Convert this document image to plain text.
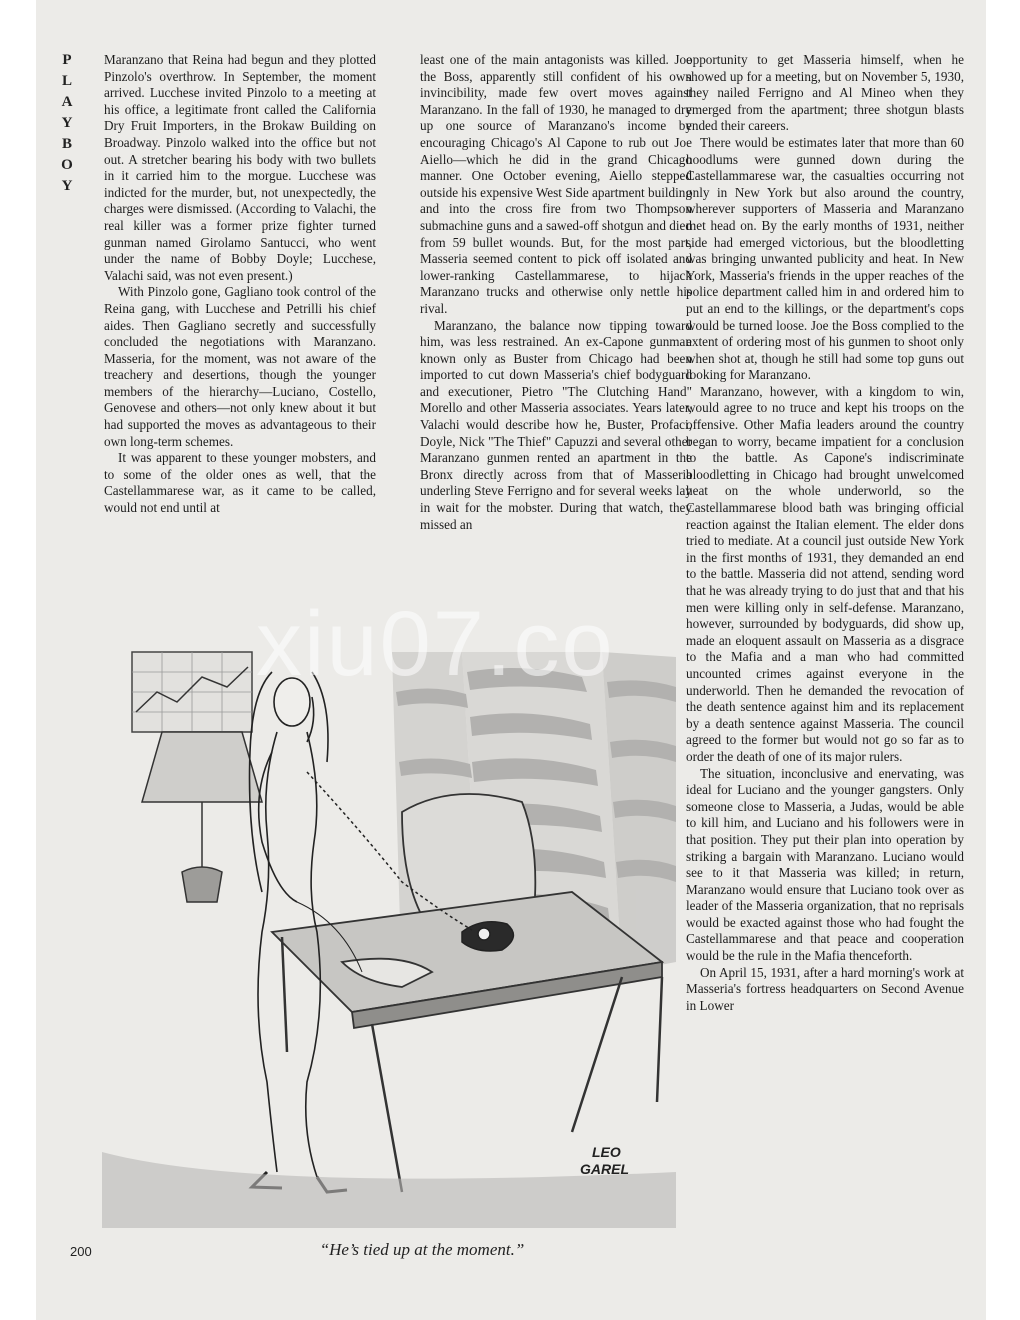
P
L
A
Y
B
O
Y

Maranzano that Reina had begun and they plotted Pinzolo's overthrow. In September, the moment arrived. Lucchese invited Pinzolo to a meeting at his office, a legitimate front called the California Dry Fruit Importers, in the Brokaw Building on Broadway. Pinzolo walked into the office but not out. A stretcher bearing his body with two bullets in it carried him to the morgue. Lucchese was indicted for the murder, but, not unexpectedly, the charges were dismissed. (According to Valachi, the real killer was a former prize fighter turned gunman named Girolamo Santucci, who went under the name of Bobby Doyle; Lucchese, Valachi said, was not even present.)

With Pinzolo gone, Gagliano took control of the Reina gang, with Lucchese and Petrilli his chief aides. Then Gagliano secretly and successfully concluded the negotiations with Maranzano. Masseria, for the moment, was not aware of the treachery and desertions, though the younger members of the hierarchy—Luciano, Costello, Genovese and others—not only knew about it but had supported the moves as advantageous to their own long-term schemes.

It was apparent to these younger mobsters, and to some of the older ones as well, that the Castellammarese war, as it came to be called, would not end until at

least one of the main antagonists was killed. Joe the Boss, apparently still confident of his own invincibility, made few overt moves against Maranzano. In the fall of 1930, he managed to dry up one source of Maranzano's income by encouraging Chicago's Al Capone to rub out Joe Aiello—which he did in the grand Chicago manner. One October evening, Aiello stepped outside his expensive West Side apartment building and into the cross fire from two Thompson submachine guns and a sawed-off shotgun and died from 59 bullet wounds. But, for the most part, Masseria seemed content to pick off isolated and lower-ranking Castellammarese, to hijack Maranzano trucks and otherwise only nettle his rival.

Maranzano, the balance now tipping toward him, was less restrained. An ex-Capone gunman known only as Buster from Chicago had been imported to cut down Masseria's chief bodyguard and executioner, Pietro "The Clutching Hand" Morello and other Masseria associates. Years later, Valachi would describe how he, Buster, Profaci, Doyle, Nick "The Thief" Capuzzi and several other Maranzano gunmen rented an apartment in the Bronx directly across from that of Masseria underling Steve Ferrigno and for several weeks lay in wait for the mobster. During that watch, they missed an

opportunity to get Masseria himself, when he showed up for a meeting, but on November 5, 1930, they nailed Ferrigno and Al Mineo when they emerged from the apartment; three shotgun blasts ended their careers.

There would be estimates later that more than 60 hoodlums were gunned down during the Castellammarese war, the casualties occurring not only in New York but also around the country, wherever supporters of Masseria and Maranzano met head on. By the early months of 1931, neither side had emerged victorious, but the bloodletting was bringing unwanted publicity and heat. In New York, Masseria's friends in the upper reaches of the police department called him in and ordered him to put an end to the killings, or the department's cops would be turned loose. Joe the Boss complied to the extent of ordering most of his gunmen to shoot only when shot at, though he still had some top guns out looking for Maranzano.

Maranzano, however, with a kingdom to win, would agree to no truce and kept his troops on the offensive. Other Mafia leaders around the country began to worry, became impatient for a conclusion to the battle. As Capone's indiscriminate bloodletting in Chicago had brought unwelcomed heat on the whole underworld, so the Castellammarese blood bath was bringing official reaction against the Italian element. The elder dons tried to mediate. At a council just outside New York in the first months of 1931, they demanded an end to the battle. Masseria did not attend, sending word that he was already trying to do just that and that his men were killing only in self-defense. Maranzano, however, surrounded by bodyguards, did show up, made an eloquent assault on Masseria as a disgrace to the Mafia and a man who had committed uncounted crimes against everyone in the underworld. Then he demanded the revocation of the death sentence against him and its replacement by a death sentence against Masseria. The council agreed to the former but would not go so far as to order the death of one of its major rulers.

The situation, inconclusive and enervating, was ideal for Luciano and the younger gangsters. Only someone close to Masseria, a Judas, would be able to kill him, and Luciano and his followers were in that position. They put their plan into operation by striking a bargain with Maranzano. Luciano would see to it that Masseria was killed; in return, Maranzano would ensure that Luciano took over as leader of the Masseria organization, that no reprisals would be exacted against those who had fought the Castellammarese and that peace and cooperation would be the rule in the Mafia thenceforth.

On April 15, 1931, after a hard morning's work at Masseria's fortress headquarters on Second Avenue in Lower

LEO
GAREL
xiu07.co
“He’s tied up at the moment.”
200
